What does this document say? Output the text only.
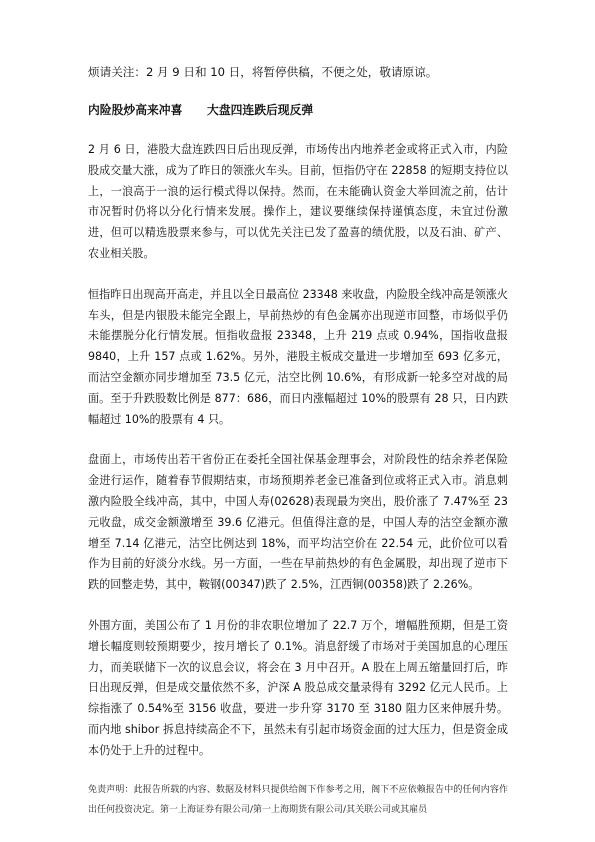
烦请关注：2 月 9 日和 10 日，将暂停供稿，不便之处，敬请原谅。

内险股炒高来冲喜      大盘四连跌后现反弹

2 月 6 日，港股大盘连跌四日后出现反弹，市场传出内地养老金或将正式入市，内险股成交量大涨，成为了昨日的领涨火车头。目前，恒指仍守在 22858 的短期支持位以上，一浪高于一浪的运行模式得以保持。然而，在未能确认资金大举回流之前，估计市况暂时仍将以分化行情来发展。操作上，建议要继续保持谨慎态度，未宜过份激进，但可以精选股票来参与，可以优先关注已发了盈喜的绩优股，以及石油、矿产、农业相关股。

恒指昨日出现高开高走，并且以全日最高位 23348 来收盘，内险股全线冲高是领涨火车头，但是内银股未能完全跟上，早前热炒的有色金属亦出现逆市回整，市场似乎仍未能摆脱分化行情发展。恒指收盘报 23348，上升 219 点或 0.94%，国指收盘报 9840，上升 157 点或 1.62%。另外，港股主板成交量进一步增加至 693 亿多元，而沽空金额亦同步增加至 73.5 亿元，沽空比例 10.6%，有形成新一轮多空对战的局面。至于升跌股数比例是 877：686，而日内涨幅超过 10%的股票有 28 只，日内跌幅超过 10%的股票有 4 只。

盘面上，市场传出若干省份正在委托全国社保基金理事会，对阶段性的结余养老保险金进行运作，随着春节假期结束，市场预期养老金已准备到位或将正式入市。消息刺激内险股全线冲高，其中，中国人寿(02628)表现最为突出，股价涨了 7.47%至 23 元收盘，成交金额激增至 39.6 亿港元。但值得注意的是，中国人寿的沽空金额亦激增至 7.14 亿港元，沽空比例达到 18%，而平均沽空价在 22.54 元，此价位可以看作为目前的好淡分水线。另一方面，一些在早前热炒的有色金属股，却出现了逆市下跌的回整走势，其中，鞍钢(00347)跌了 2.5%，江西铜(00358)跌了 2.26%。

外围方面，美国公布了 1 月份的非农职位增加了 22.7 万个，增幅胜预期，但是工资增长幅度则较预期要少，按月增长了 0.1%。消息舒缓了市场对于美国加息的心理压力，而美联储下一次的议息会议，将会在 3 月中召开。A 股在上周五缩量回打后，昨日出现反弹，但是成交量依然不多，沪深 A 股总成交量录得有 3292 亿元人民币。上综指涨了 0.54%至 3156 收盘，要进一步升穿 3170 至 3180 阻力区来伸展升势。而内地 shibor 拆息持续高企不下，虽然未有引起市场资金面的过大压力，但是资金成本仍处于上升的过程中。

免责声明：此报告所载的内容、数据及材料只提供给阁下作参考之用，阁下不应依赖报告中的任何内容作出任何投资决定。第一上海证券有限公司/第一上海期货有限公司/其关联公司或其雇员
